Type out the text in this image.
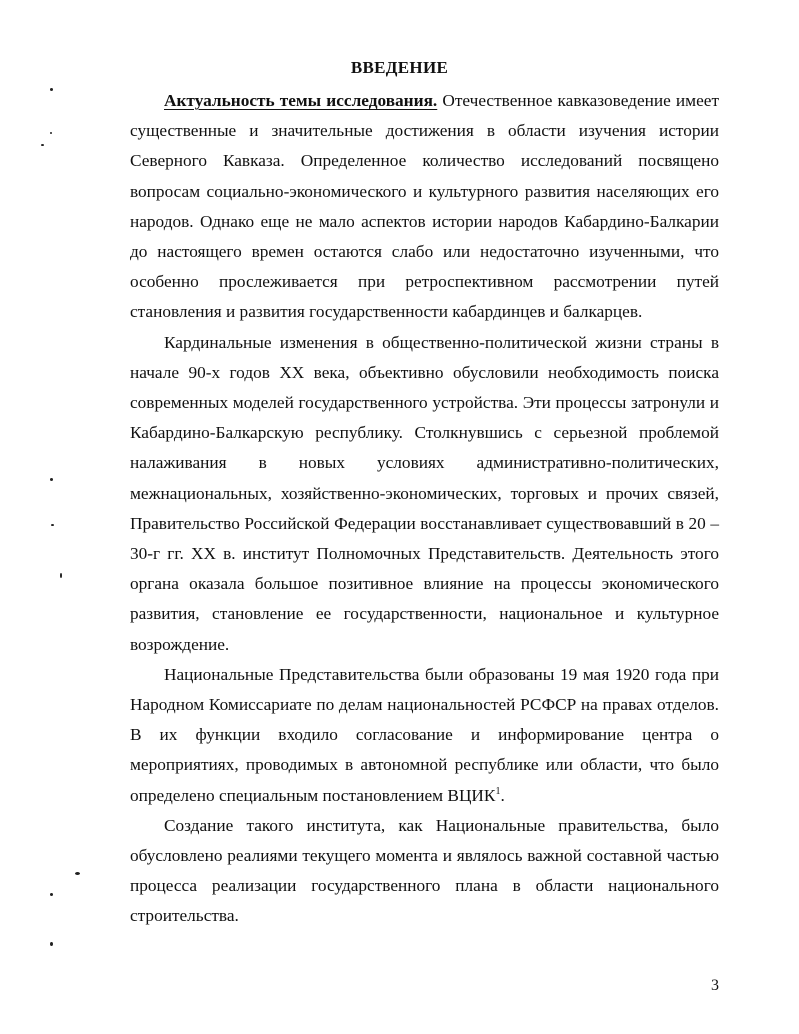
ВВЕДЕНИЕ

Актуальность темы исследования. Отечественное кавказоведение имеет существенные и значительные достижения в области изучения истории Северного Кавказа. Определенное количество исследований посвящено вопросам социально-экономического и культурного развития населяющих его народов. Однако еще не мало аспектов истории народов Кабардино-Балкарии до настоящего времен остаются слабо или недостаточно изученными, что особенно прослеживается при ретроспективном рассмотрении путей становления и развития государственности кабардинцев и балкарцев.

Кардинальные изменения в общественно-политической жизни страны в начале 90-х годов XX века, объективно обусловили необходимость поиска современных моделей государственного устройства. Эти процессы затронули и Кабардино-Балкарскую республику. Столкнувшись с серьезной проблемой налаживания в новых условиях административно-политических, межнациональных, хозяйственно-экономических, торговых и прочих связей, Правительство Российской Федерации восстанавливает существовавший в 20 – 30-г гг. XX в. институт Полномочных Представительств. Деятельность этого органа оказала большое позитивное влияние на процессы экономического развития, становление ее государственности, национальное и культурное возрождение.

Национальные Представительства были образованы 19 мая 1920 года при Народном Комиссариате по делам национальностей РСФСР на правах отделов. В их функции входило согласование и информирование центра о мероприятиях, проводимых в автономной республике или области, что было определено специальным постановлением ВЦИК$^1$.

Создание такого института, как Национальные правительства, было обусловлено реалиями текущего момента и являлось важной составной частью процесса реализации государственного плана в области национального строительства.

3
